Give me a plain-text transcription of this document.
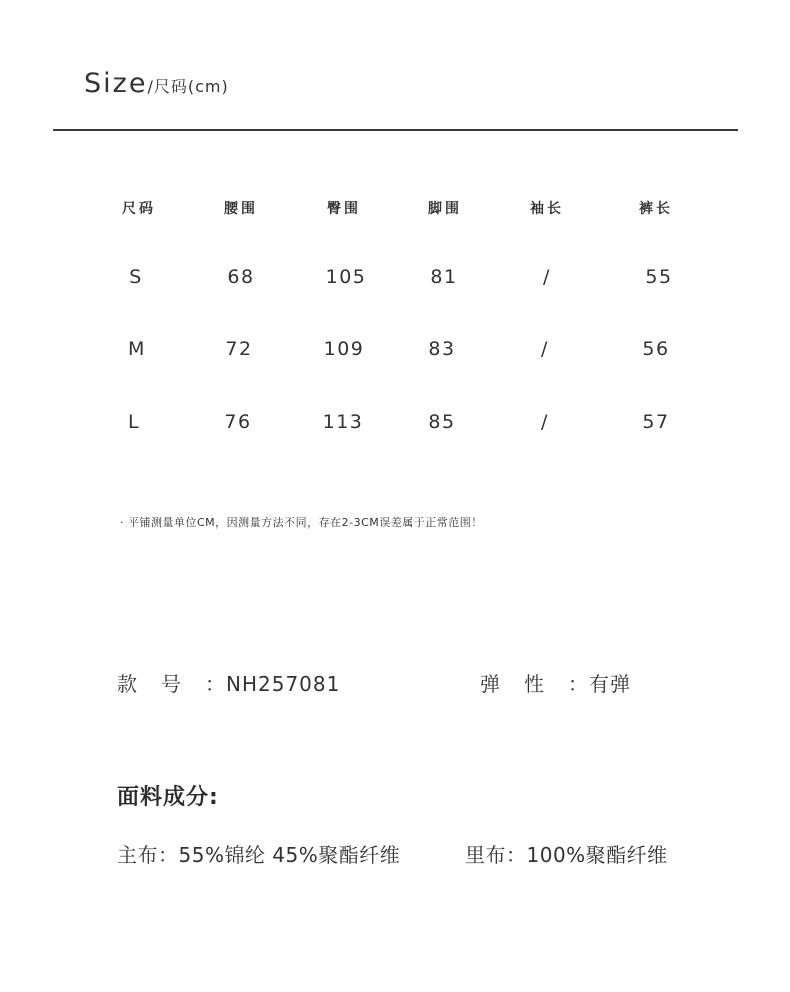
Size/尺码(cm)
尺码	腰围	臀围	脚围	袖长	裤长
S	68	105	81	/	55
M	72	109	83	/	56
L	76	113	85	/	57
· 平铺测量单位CM，因测量方法不同，存在2-3CM误差属于正常范围！
款号：NH257081	弹性：有弹
面料成分:
主布：55%锦纶 45%聚酯纤维	里布：100%聚酯纤维
